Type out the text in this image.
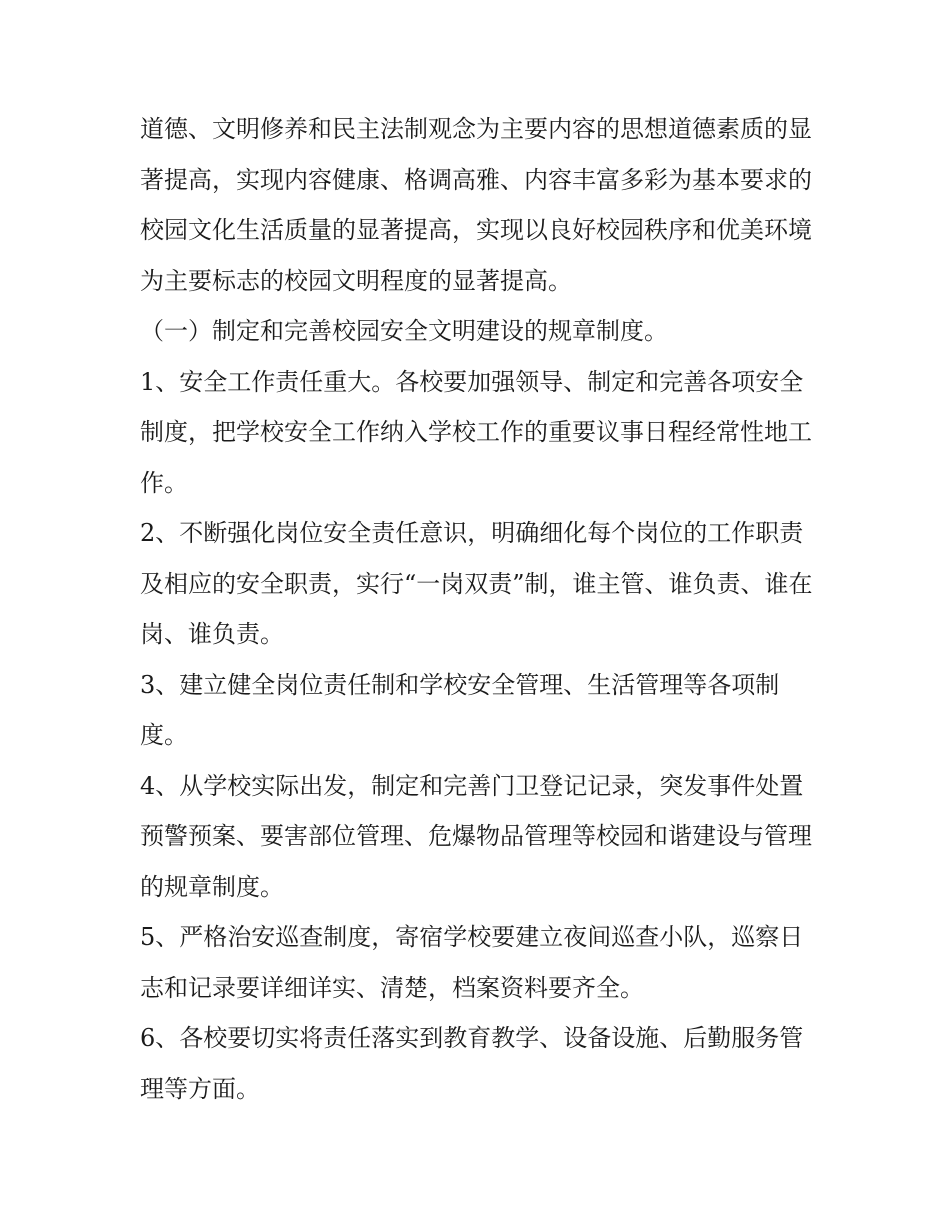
道德、文明修养和民主法制观念为主要内容的思想道德素质的显著提高，实现内容健康、格调高雅、内容丰富多彩为基本要求的校园文化生活质量的显著提高，实现以良好校园秩序和优美环境为主要标志的校园文明程度的显著提高。

（一）制定和完善校园安全文明建设的规章制度。

1、安全工作责任重大。各校要加强领导、制定和完善各项安全制度，把学校安全工作纳入学校工作的重要议事日程经常性地工作。

2、不断强化岗位安全责任意识，明确细化每个岗位的工作职责及相应的安全职责，实行“一岗双责”制，谁主管、谁负责、谁在岗、谁负责。

3、建立健全岗位责任制和学校安全管理、生活管理等各项制度。

4、从学校实际出发，制定和完善门卫登记记录，突发事件处置预警预案、要害部位管理、危爆物品管理等校园和谐建设与管理的规章制度。

5、严格治安巡查制度，寄宿学校要建立夜间巡查小队，巡察日志和记录要详细详实、清楚，档案资料要齐全。

6、各校要切实将责任落实到教育教学、设备设施、后勤服务管理等方面。
